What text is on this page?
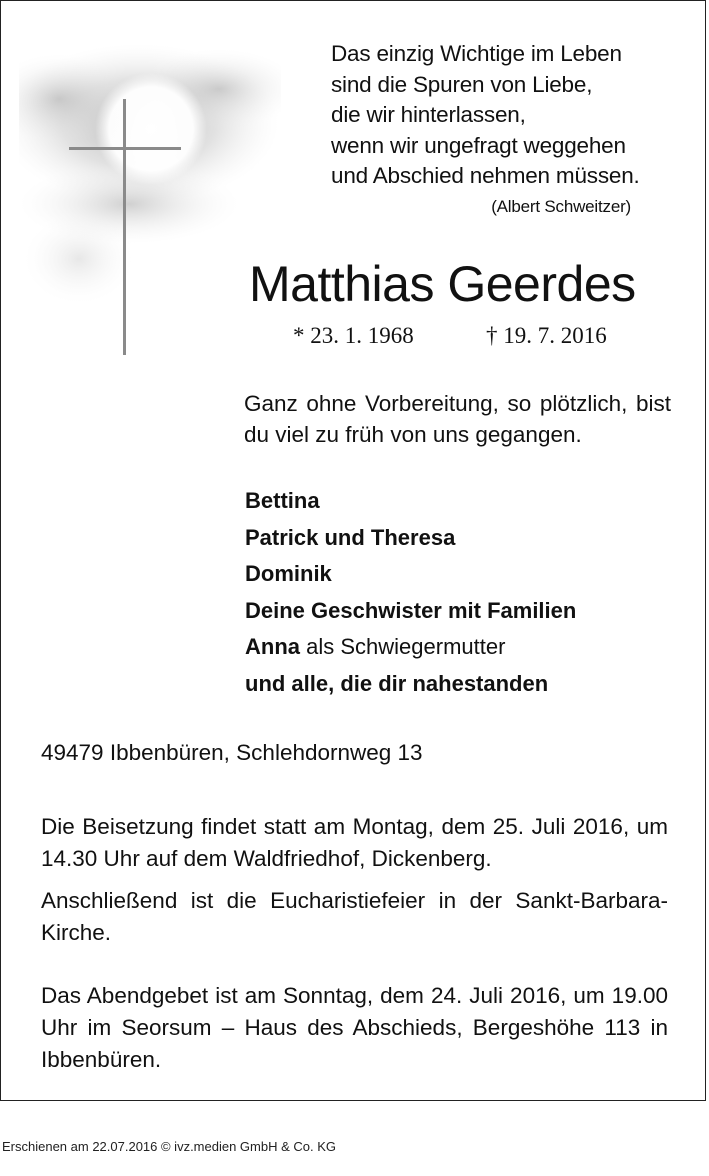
Das einzig Wichtige im Leben
sind die Spuren von Liebe,
die wir hinterlassen,
wenn wir ungefragt weggehen
und Abschied nehmen müssen.
(Albert Schweitzer)
Matthias Geerdes
* 23. 1. 1968	† 19. 7. 2016
Ganz ohne Vorbereitung, so plötzlich, bist du viel zu früh von uns gegangen.
Bettina
Patrick und Theresa
Dominik
Deine Geschwister mit Familien
Anna als Schwiegermutter
und alle, die dir nahestanden
49479 Ibbenbüren, Schlehdornweg 13
Die Beisetzung findet statt am Montag, dem 25. Juli 2016, um 14.30 Uhr auf dem Waldfriedhof, Dickenberg.
Anschließend ist die Eucharistiefeier in der Sankt-Barbara-Kirche.
Das Abendgebet ist am Sonntag, dem 24. Juli 2016, um 19.00 Uhr im Seorsum – Haus des Abschieds, Bergeshöhe 113 in Ibbenbüren.
Erschienen am 22.07.2016 © ivz.medien GmbH & Co. KG
